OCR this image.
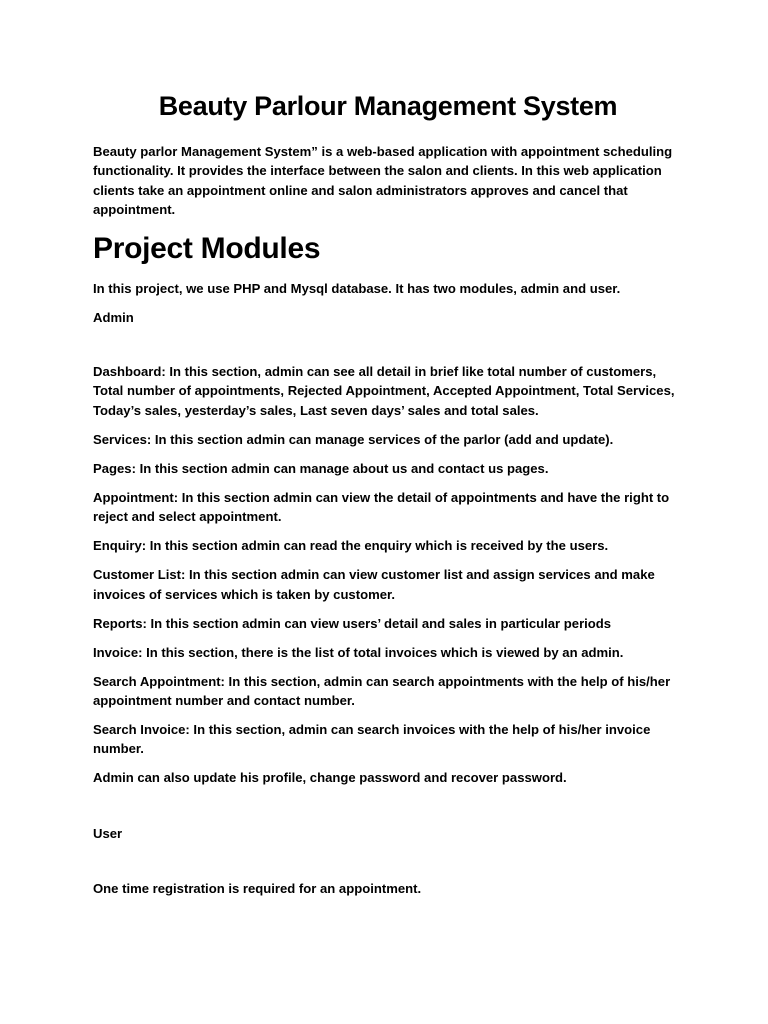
Beauty Parlour Management System

Beauty parlor Management System” is a web-based application with appointment scheduling functionality. It provides the interface between the salon and clients. In this web application clients take an appointment online and salon administrators approves and cancel that appointment.

Project Modules

In this project, we use PHP and Mysql database. It has two modules, admin and user.

Admin

Dashboard: In this section, admin can see all detail in brief like total number of customers, Total number of appointments, Rejected Appointment, Accepted Appointment, Total Services, Today’s sales, yesterday’s sales, Last seven days’ sales and total sales.

Services: In this section admin can manage services of the parlor (add and update).

Pages: In this section admin can manage about us and contact us pages.

Appointment: In this section admin can view the detail of appointments and have the right to reject and select appointment.

Enquiry: In this section admin can read the enquiry which is received by the users.

Customer List: In this section admin can view customer list and assign services and make invoices of services which is taken by customer.

Reports: In this section admin can view users’ detail and sales in particular periods

Invoice: In this section, there is the list of total invoices which is viewed by an admin.

Search Appointment: In this section, admin can search appointments with the help of his/her appointment number and contact number.

Search Invoice: In this section, admin can search invoices with the help of his/her invoice number.

Admin can also update his profile, change password and recover password.

User

One time registration is required for an appointment.
